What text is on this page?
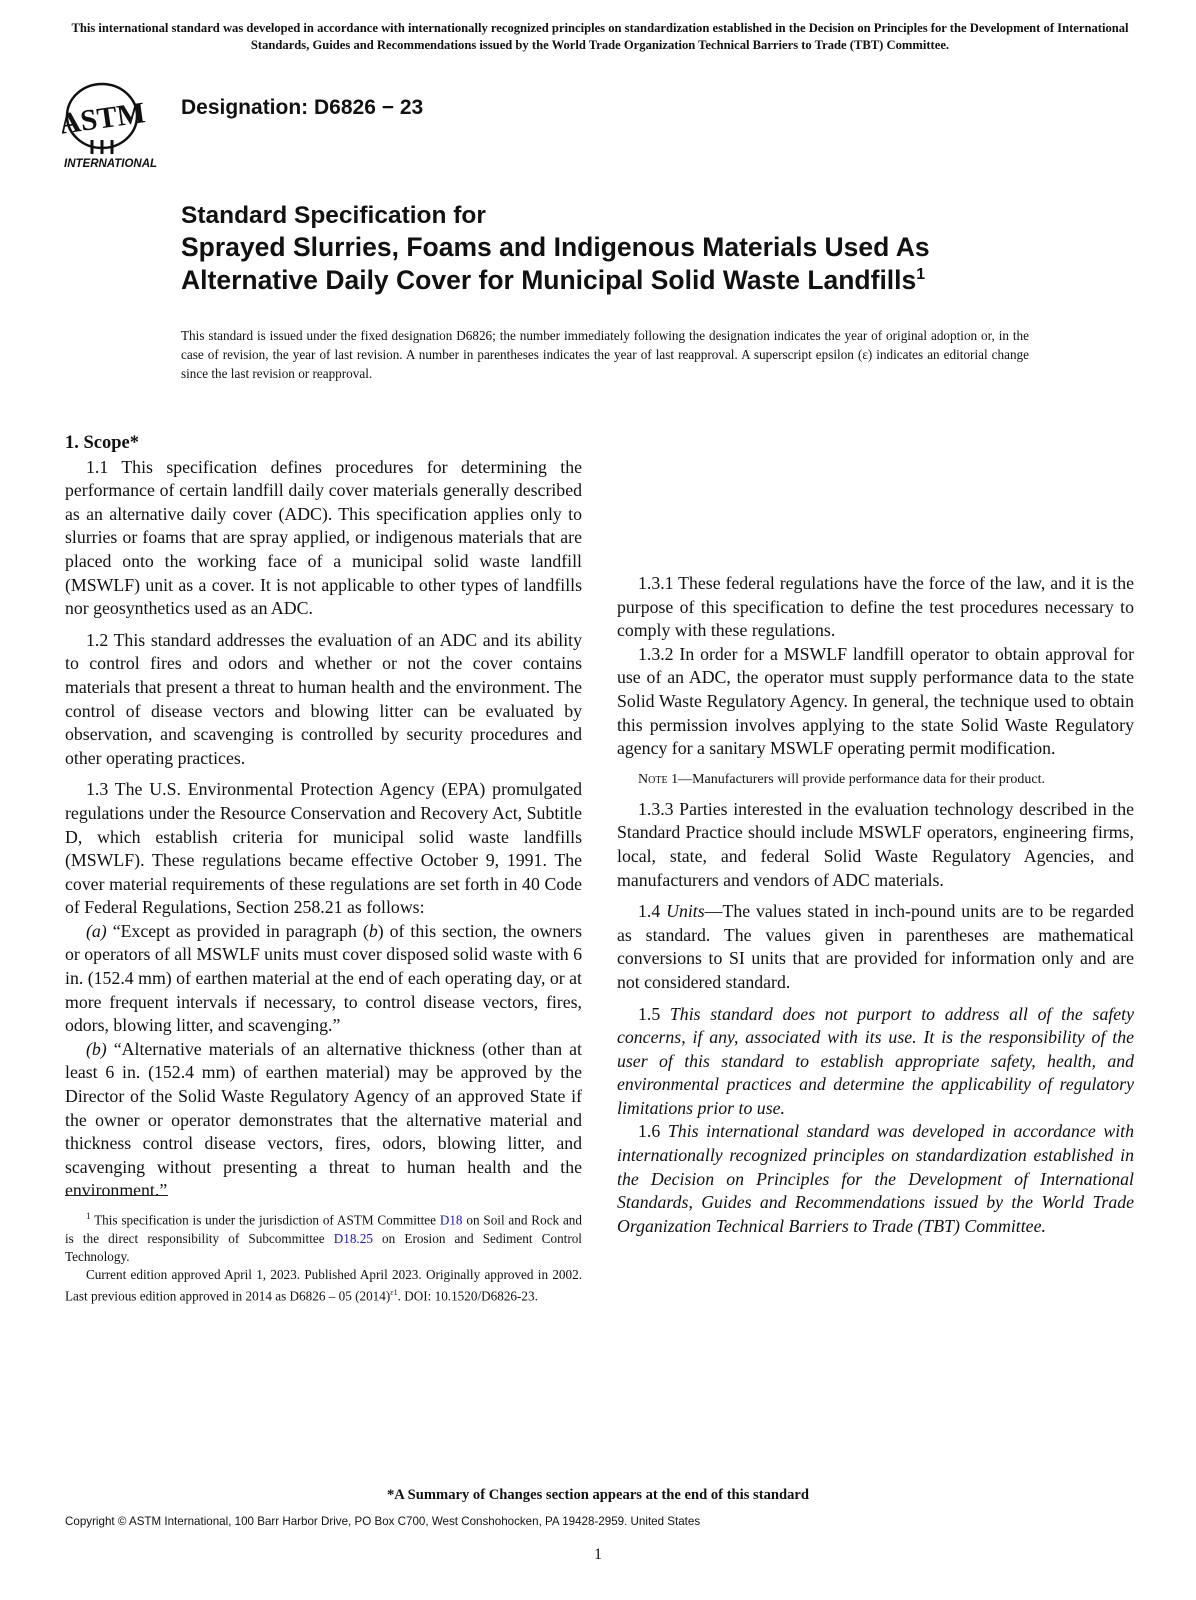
This international standard was developed in accordance with internationally recognized principles on standardization established in the Decision on Principles for the Development of International Standards, Guides and Recommendations issued by the World Trade Organization Technical Barriers to Trade (TBT) Committee.
ASTM
INTERNATIONAL
Designation: D6826 − 23
Standard Specification for
Sprayed Slurries, Foams and Indigenous Materials Used As
Alternative Daily Cover for Municipal Solid Waste Landfills$^1$
This standard is issued under the fixed designation D6826; the number immediately following the designation indicates the year of original adoption or, in the case of revision, the year of last revision. A number in parentheses indicates the year of last reapproval. A superscript epsilon (ε) indicates an editorial change since the last revision or reapproval.

1. Scope*

1.1 This specification defines procedures for determining the performance of certain landfill daily cover materials generally described as an alternative daily cover (ADC). This specification applies only to slurries or foams that are spray applied, or indigenous materials that are placed onto the working face of a municipal solid waste landfill (MSWLF) unit as a cover. It is not applicable to other types of landfills nor geosynthetics used as an ADC.

1.2 This standard addresses the evaluation of an ADC and its ability to control fires and odors and whether or not the cover contains materials that present a threat to human health and the environment. The control of disease vectors and blowing litter can be evaluated by observation, and scavenging is controlled by security procedures and other operating practices.

1.3 The U.S. Environmental Protection Agency (EPA) promulgated regulations under the Resource Conservation and Recovery Act, Subtitle D, which establish criteria for municipal solid waste landfills (MSWLF). These regulations became effective October 9, 1991. The cover material requirements of these regulations are set forth in 40 Code of Federal Regulations, Section 258.21 as follows:

(a) “Except as provided in paragraph (b) of this section, the owners or operators of all MSWLF units must cover disposed solid waste with 6 in. (152.4 mm) of earthen material at the end of each operating day, or at more frequent intervals if necessary, to control disease vectors, fires, odors, blowing litter, and scavenging.”

(b) “Alternative materials of an alternative thickness (other than at least 6 in. (152.4 mm) of earthen material) may be approved by the Director of the Solid Waste Regulatory Agency of an approved State if the owner or operator demonstrates that the alternative material and thickness control disease vectors, fires, odors, blowing litter, and scavenging without presenting a threat to human health and the environment.”

$^1$ This specification is under the jurisdiction of ASTM Committee D18 on Soil and Rock and is the direct responsibility of Subcommittee D18.25 on Erosion and Sediment Control Technology.

Current edition approved April 1, 2023. Published April 2023. Originally approved in 2002. Last previous edition approved in 2014 as D6826 – 05 $(2014)^{\varepsilon 1}$. DOI: 10.1520/D6826-23.

1.3.1 These federal regulations have the force of the law, and it is the purpose of this specification to define the test procedures necessary to comply with these regulations.

1.3.2 In order for a MSWLF landfill operator to obtain approval for use of an ADC, the operator must supply performance data to the state Solid Waste Regulatory Agency. In general, the technique used to obtain this permission involves applying to the state Solid Waste Regulatory agency for a sanitary MSWLF operating permit modification.

Note 1—Manufacturers will provide performance data for their product.

1.3.3 Parties interested in the evaluation technology described in the Standard Practice should include MSWLF operators, engineering firms, local, state, and federal Solid Waste Regulatory Agencies, and manufacturers and vendors of ADC materials.

1.4 Units—The values stated in inch-pound units are to be regarded as standard. The values given in parentheses are mathematical conversions to SI units that are provided for information only and are not considered standard.

1.5 This standard does not purport to address all of the safety concerns, if any, associated with its use. It is the responsibility of the user of this standard to establish appropriate safety, health, and environmental practices and determine the applicability of regulatory limitations prior to use.

1.6 This international standard was developed in accordance with internationally recognized principles on standardization established in the Decision on Principles for the Development of International Standards, Guides and Recommendations issued by the World Trade Organization Technical Barriers to Trade (TBT) Committee.

*A Summary of Changes section appears at the end of this standard
Copyright © ASTM International, 100 Barr Harbor Drive, PO Box C700, West Conshohocken, PA 19428-2959. United States
1
